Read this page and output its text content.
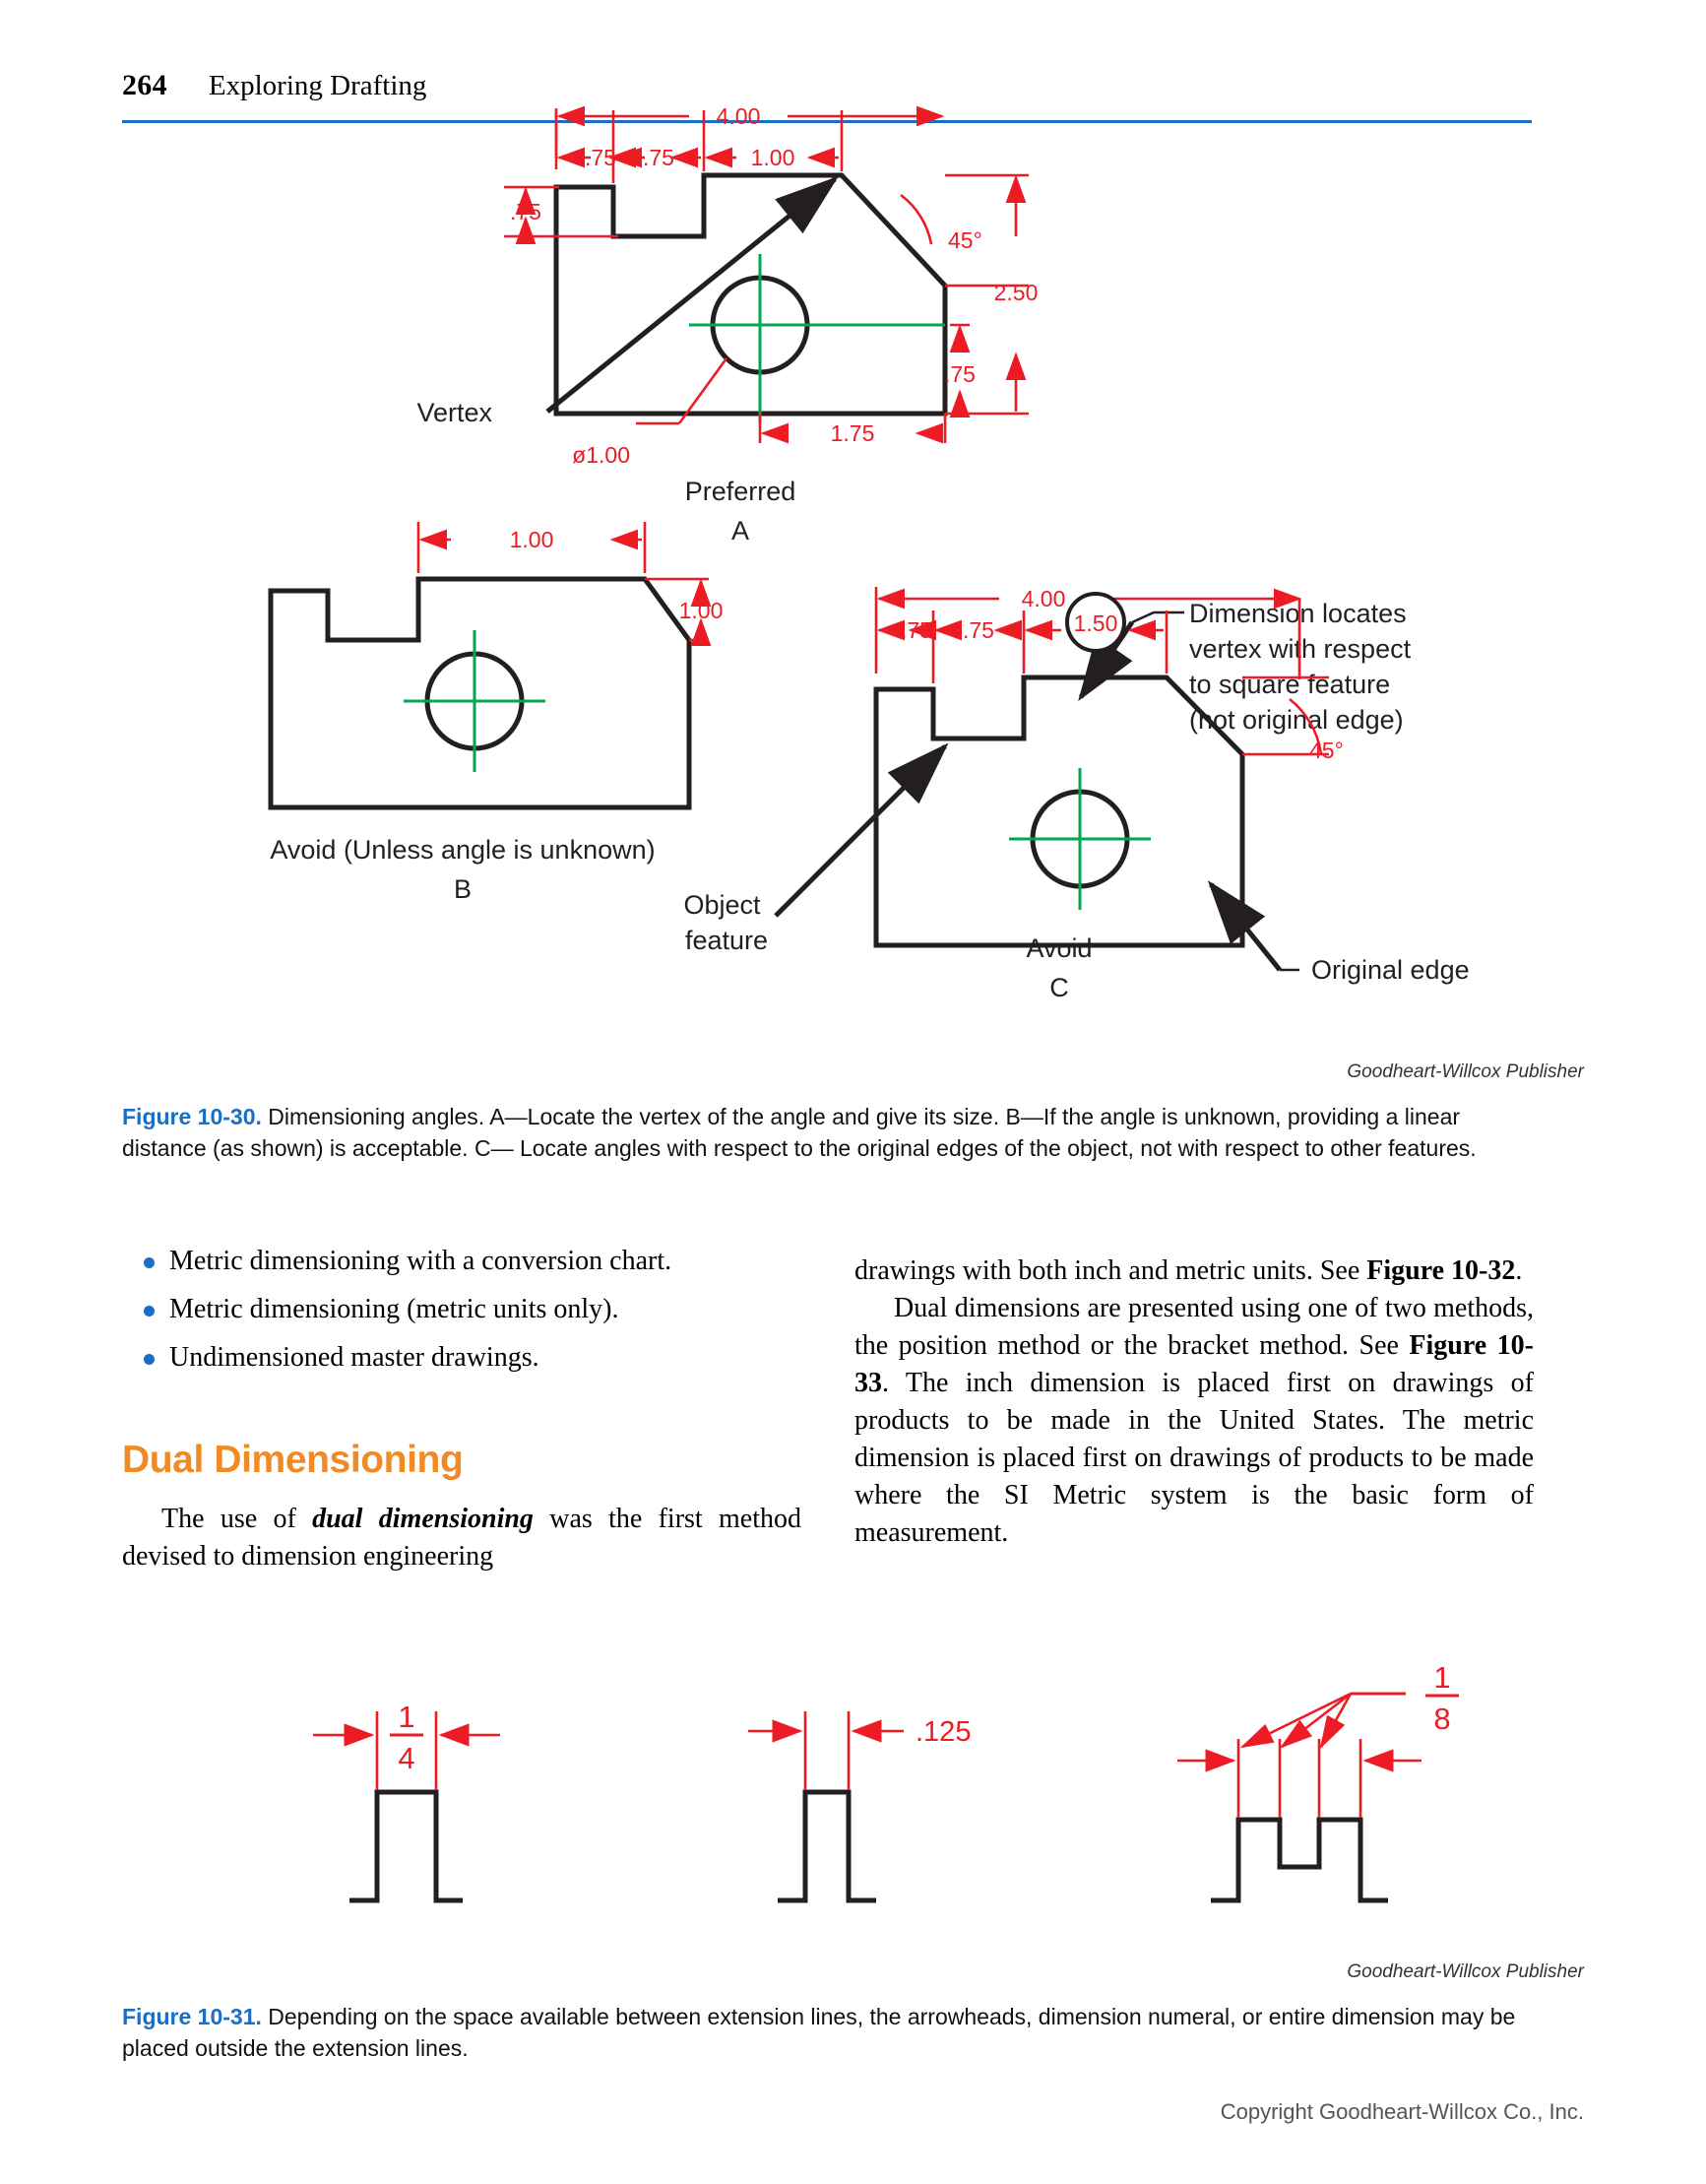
264 Exploring Drafting
4.00
.75 .75	1.00
.75
45°
2.50
.75
1.75
ø1.00
Vertex
Preferred
A
Dimension locates vertex with respect to square feature (not original edge)
1.00
1.00
Avoid (Unless angle is unknown)
B
4.00
.75 .75	1.50
45°
Object feature
Original edge
Avoid
C
Goodheart-Willcox Publisher
Figure 10-30. Dimensioning angles. A—Locate the vertex of the angle and give its size. B—If the angle is unknown, providing a linear distance (as shown) is acceptable. C— Locate angles with respect to the original edges of the object, not with respect to other features.
Metric dimensioning with a conversion chart.
Metric dimensioning (metric units only).
Undimensioned master drawings.
Dual Dimensioning

The use of dual dimensioning was the first method devised to dimension engineering

drawings with both inch and metric units. See Figure 10-32.

Dual dimensions are presented using one of two methods, the position method or the bracket method. See Figure 10-33. The inch dimension is placed first on drawings of products to be made in the United States. The metric dimension is placed first on drawings of products to be made where the SI Metric system is the basic form of measurement.

1
4
.125
1
8
Goodheart-Willcox Publisher
Figure 10-31. Depending on the space available between extension lines, the arrowheads, dimension numeral, or entire dimension may be placed outside the extension lines.
Copyright Goodheart-Willcox Co., Inc.
